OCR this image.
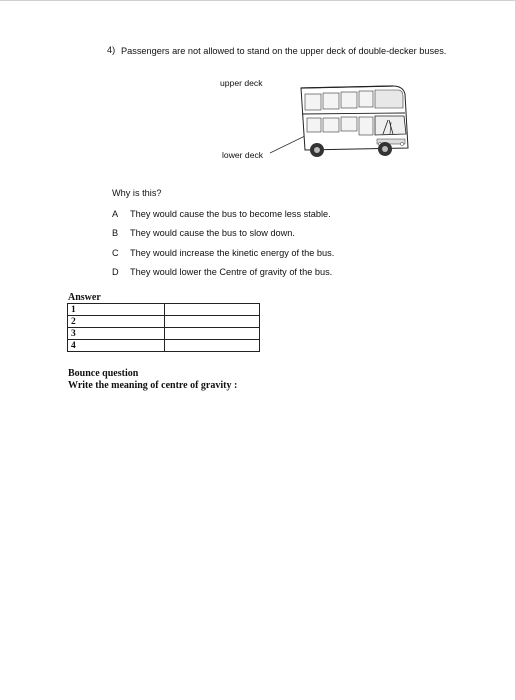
4) Passengers are not allowed to stand on the upper deck of double-decker buses.
upper deck
lower deck
Why is this?
A They would cause the bus to become less stable.
B They would cause the bus to slow down.
C They would increase the kinetic energy of the bus.
D They would lower the Centre of gravity of the bus.
Answer
1	
2	
3	
4	
Bounce question
Write the meaning of centre of gravity :
